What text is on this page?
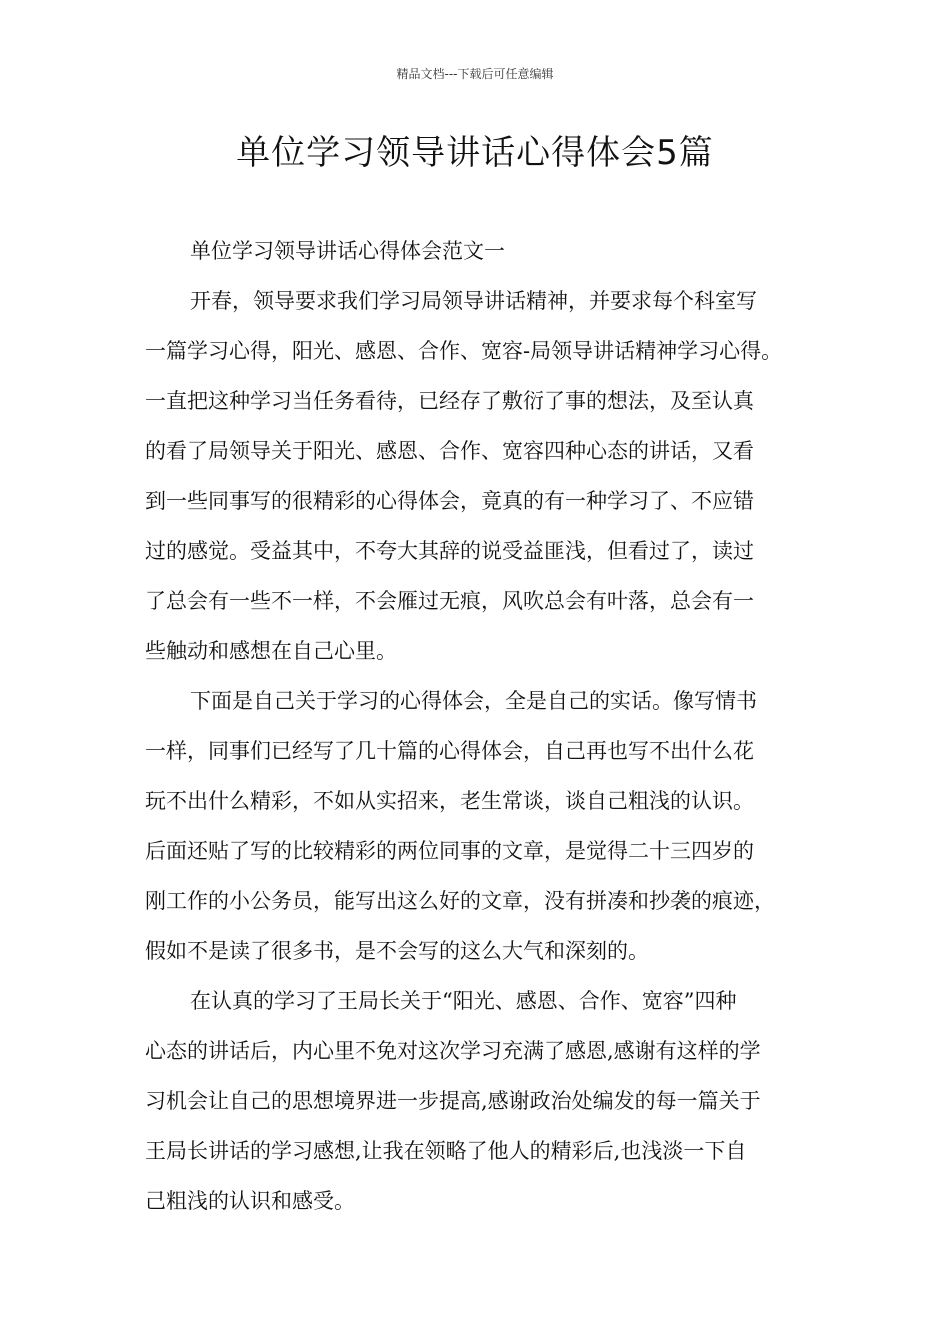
精品文档---下载后可任意编辑
单位学习领导讲话心得体会5篇
单位学习领导讲话心得体会范文一
开春，领导要求我们学习局领导讲话精神，并要求每个科室写
一篇学习心得，阳光、感恩、合作、宽容-局领导讲话精神学习心得。
一直把这种学习当任务看待，已经存了敷衍了事的想法，及至认真
的看了局领导关于阳光、感恩、合作、宽容四种心态的讲话，又看
到一些同事写的很精彩的心得体会，竟真的有一种学习了、不应错
过的感觉。受益其中，不夸大其辞的说受益匪浅，但看过了，读过
了总会有一些不一样，不会雁过无痕，风吹总会有叶落，总会有一
些触动和感想在自己心里。
下面是自己关于学习的心得体会，全是自己的实话。像写情书
一样，同事们已经写了几十篇的心得体会，自己再也写不出什么花
玩不出什么精彩，不如从实招来，老生常谈，谈自己粗浅的认识。
后面还贴了写的比较精彩的两位同事的文章，是觉得二十三四岁的
刚工作的小公务员，能写出这么好的文章，没有拼凑和抄袭的痕迹，
假如不是读了很多书，是不会写的这么大气和深刻的。
在认真的学习了王局长关于“阳光、感恩、合作、宽容”四种
心态的讲话后，内心里不免对这次学习充满了感恩,感谢有这样的学
习机会让自己的思想境界进一步提高,感谢政治处编发的每一篇关于
王局长讲话的学习感想,让我在领略了他人的精彩后,也浅淡一下自
己粗浅的认识和感受。
